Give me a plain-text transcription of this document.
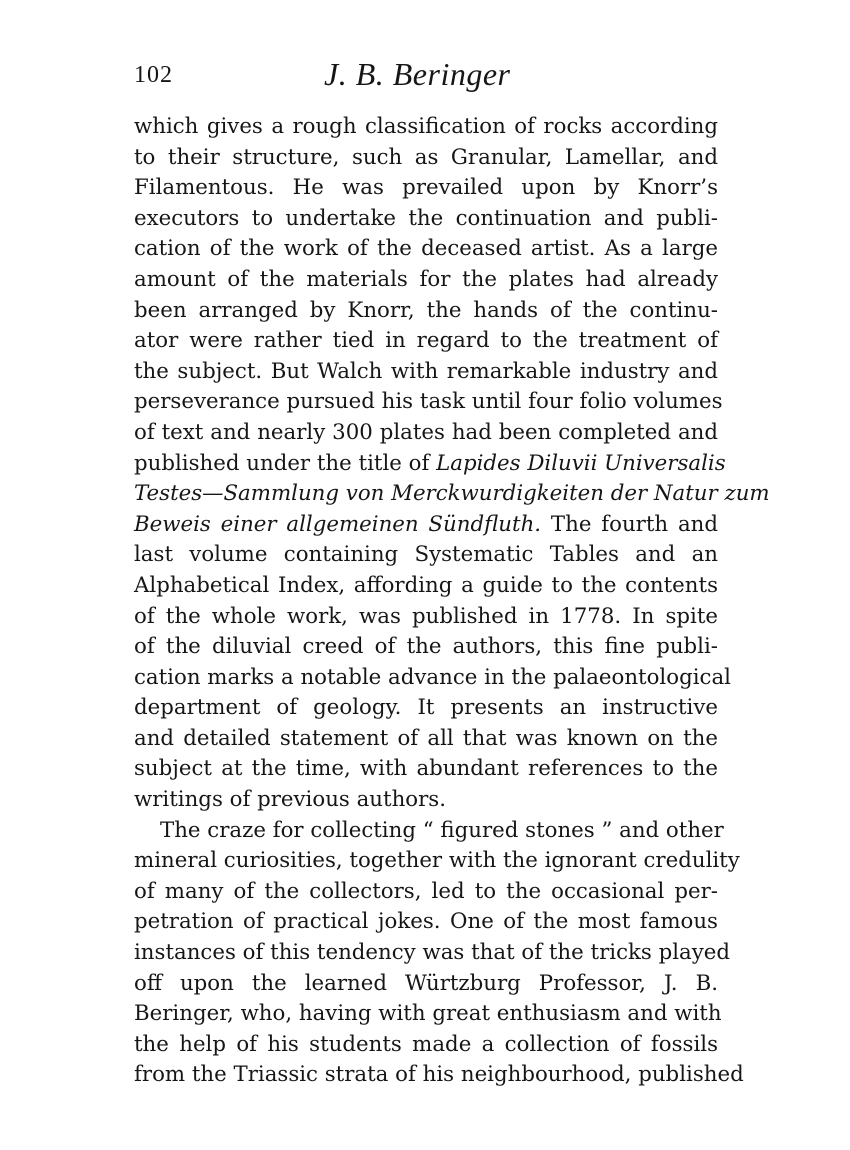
102	J. B. Beringer
which gives a rough classification of rocks according
to their structure, such as Granular, Lamellar, and
Filamentous. He was prevailed upon by Knorr’s
executors to undertake the continuation and publi-
cation of the work of the deceased artist. As a large
amount of the materials for the plates had already
been arranged by Knorr, the hands of the continu-
ator were rather tied in regard to the treatment of
the subject. But Walch with remarkable industry and
perseverance pursued his task until four folio volumes
of text and nearly 300 plates had been completed and
published under the title of Lapides Diluvii Universalis
Testes—Sammlung von Merckwurdigkeiten der Natur zum
Beweis einer allgemeinen Sündfluth. The fourth and
last volume containing Systematic Tables and an
Alphabetical Index, affording a guide to the contents
of the whole work, was published in 1778. In spite
of the diluvial creed of the authors, this fine publi-
cation marks a notable advance in the palaeontological
department of geology. It presents an instructive
and detailed statement of all that was known on the
subject at the time, with abundant references to the
writings of previous authors.
The craze for collecting “ figured stones ” and other
mineral curiosities, together with the ignorant credulity
of many of the collectors, led to the occasional per-
petration of practical jokes. One of the most famous
instances of this tendency was that of the tricks played
off upon the learned Würtzburg Professor, J. B.
Beringer, who, having with great enthusiasm and with
the help of his students made a collection of fossils
from the Triassic strata of his neighbourhood, published
